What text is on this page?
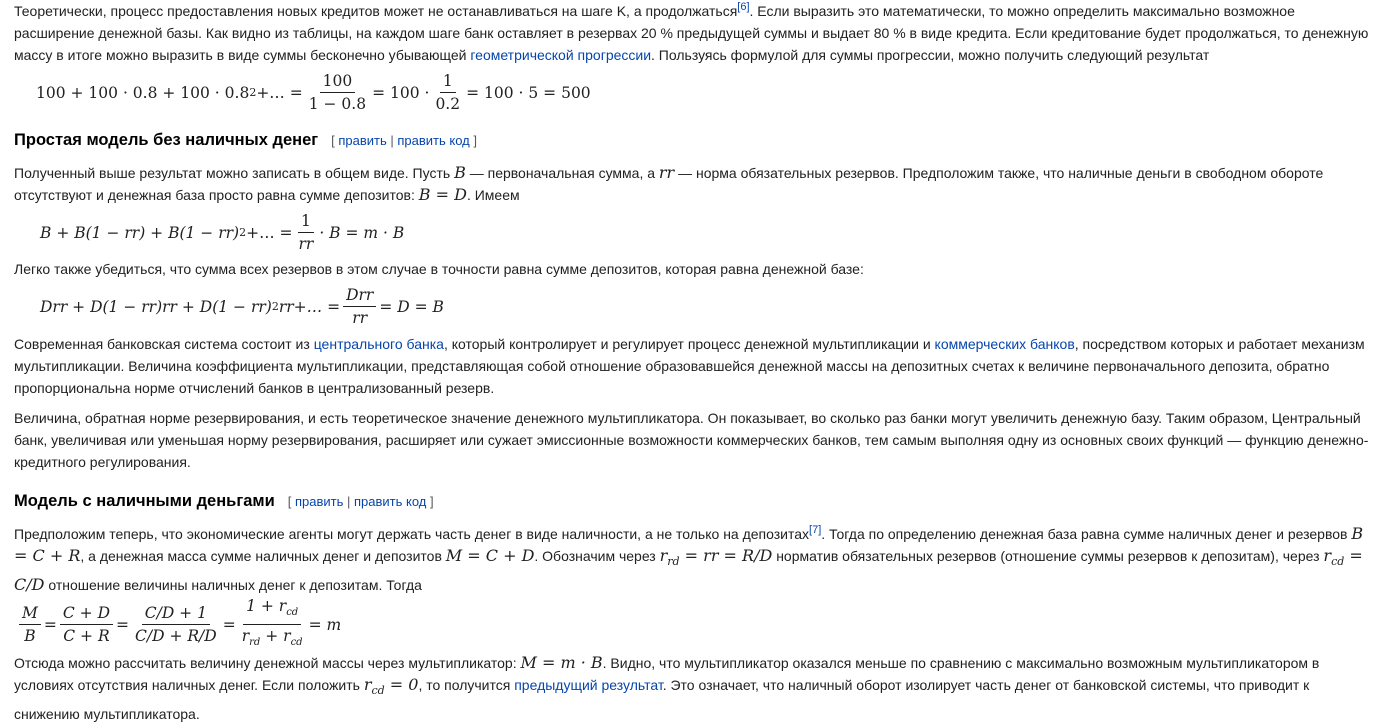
Теоретически, процесс предоставления новых кредитов может не останавливаться на шаге K, а продолжаться[6]. Если выразить это математически, то можно определить максимально возможное расширение денежной базы. Как видно из таблицы, на каждом шаге банк оставляет в резервах 20 % предыдущей суммы и выдает 80 % в виде кредита. Если кредитование будет продолжаться, то денежную массу в итоге можно выразить в виде суммы бесконечно убывающей геометрической прогрессии. Пользуясь формулой для суммы прогрессии, можно получить следующий результат

100 + 100 · 0.8 + 100 · 0.8 2 +… = $\frac{100}{1 - 0.8} = 100 \cdot \frac{1}{0.2} = 100 \cdot 5 = 500$
Простая модель без наличных денег [ править | править код ]

Полученный выше результат можно записать в общем виде. Пусть B — первоначальная сумма, а rr — норма обязательных резервов. Предположим также, что наличные деньги в свободном обороте отсутствуют и денежная база просто равна сумме депозитов: B = D. Имеем

B + B(1 − rr) + B(1 − rr) 2 +… = $\frac{1}{rr} \cdot B = m \cdot B$

Легко также убедиться, что сумма всех резервов в этом случае в точности равна сумме депозитов, которая равна денежной базе:

Drr + D(1 − rr)rr + D(1 − rr) 2 rr+… = $\frac{\text{Drr}}{rr} = D = B$

Современная банковская система состоит из центрального банка, который контролирует и регулирует процесс денежной мультипликации и коммерческих банков, посредством которых и работает механизм мультипликации. Величина коэффициента мультипликации, представляющая собой отношение образовавшейся денежной массы на депозитных счетах к величине первоначального депозита, обратно пропорциональна норме отчислений банков в централизованный резерв.

Величина, обратная норме резервирования, и есть теоретическое значение денежного мультипликатора. Он показывает, во сколько раз банки могут увеличить денежную базу. Таким образом, Центральный банк, увеличивая или уменьшая норму резервирования, расширяет или сужает эмиссионные возможности коммерческих банков, тем самым выполняя одну из основных своих функций — функцию денежно-кредитного регулирования.

Модель с наличными деньгами [ править | править код ]

Предположим теперь, что экономические агенты могут держать часть денег в виде наличности, а не только на депозитах[7]. Тогда по определению денежная база равна сумме наличных денег и резервов B = C + R, а денежная масса сумме наличных денег и депозитов M = C + D. Обозначим через $r_{rd}$ = rr = R/D норматив обязательных резервов (отношение суммы резервов к депозитам), через $r_{cd} = C/D$ отношение величины наличных денег к депозитам. Тогда

$\frac{M}{B} = \frac{C + D}{C + R} = \frac{C/D + 1}{C/D + R/D} = \frac{1 + r_{cd}}{r_{rd} + r_{cd}} = m$

Отсюда можно рассчитать величину денежной массы через мультипликатор: M = m · B. Видно, что мультипликатор оказался меньше по сравнению с максимально возможным мультипликатором в условиях отсутствия наличных денег. Если положить $r_{cd} = 0$, то получится предыдущий результат. Это означает, что наличный оборот изолирует часть денег от банковской системы, что приводит к снижению мультипликатора.
